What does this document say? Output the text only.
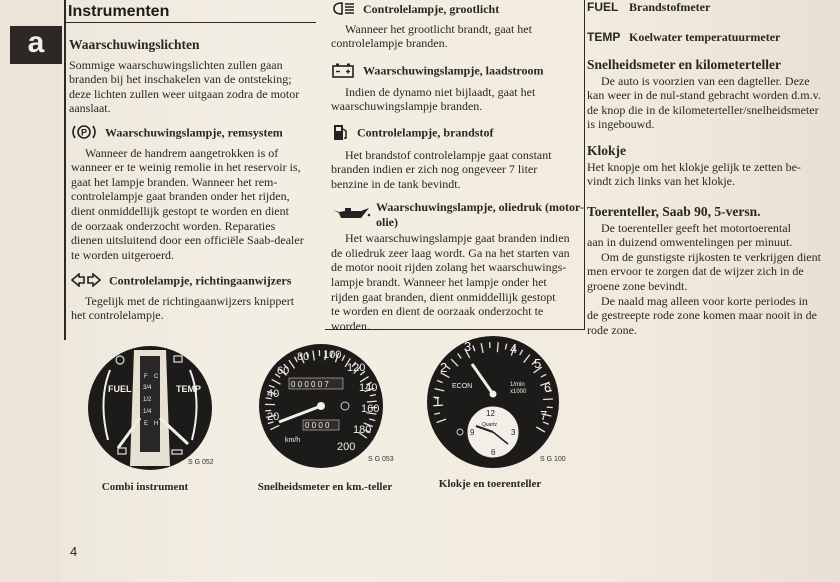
a
Instrumenten

Waarschuwingslichten

Sommige waarschuwingslichten zullen gaan

branden bij het inschakelen van de ontsteking;

deze lichten zullen weer uitgaan zodra de motor

aanslaat.

P Waarschuwingslampje, remsystem

Wanneer de handrem aangetrokken is of

wanneer er te weinig remolie in het reservoir is,

gaat het lampje branden. Wanneer het rem-

controlelampje gaat branden onder het rijden,

dient onmiddellijk gestopt te worden en dient

de oorzaak onderzocht worden. Reparaties

dienen uitsluitend door een officiële Saab-dealer

te worden uitgeroerd.

Controlelampje, richtingaanwijzers

Tegelijk met de richtingaanwijzers knippert

het controlelampje.

Controlelampje, grootlicht

Wanneer het grootlicht brandt, gaat het

controlelampje branden.

Waarschuwingslampje, laadstroom

Indien de dynamo niet bijlaadt, gaat het

waarschuwingslampje branden.

Controlelampje, brandstof

Het brandstof controlelampje gaat constant

branden indien er zich nog ongeveer 7 liter

benzine in de tank bevindt.

Waarschuwingslampje, oliedruk (motor-

olie)

Het waarschuwingslampje gaat branden indien

de oliedruk zeer laag wordt. Ga na het starten van

de motor nooit rijden zolang het waarschuwings-

lampje brandt. Wanneer het lampje onder het

rijden gaat branden, dient onmiddellijk gestopt

te worden en dient de oorzaak onderzocht te

worden.

FUEL Brandstofmeter

TEMP Koelwater temperatuurmeter

Snelheidsmeter en kilometerteller

De auto is voorzien van een dagteller. Deze

kan weer in de nul-stand gebracht worden d.m.v.

de knop die in de kilometerteller/snelheidsmeter

is ingebouwd.

Klokje

Het knopje om het klokje gelijk te zetten be-

vindt zich links van het klokje.

Toerenteller, Saab 90, 5-versn.

De toerenteller geeft het motortoerental

aan in duizend omwentelingen per minuut.

Om de gunstigste rijkosten te verkrijgen dient

men ervoor te zorgen dat de wijzer zich in de

groene zone bevindt.

De naald mag alleen voor korte periodes in

de gestreepte rode zone komen maar nooit in de

rode zone.

FUEL	TEMP
F
3/4
1/2
1/4
E
C
H
S G 052
Combi instrument
20
40
60
80 100
120
140
160
180
200
km/h
0 0 0 0 0 7
0 0 0 0
S G 053
Snelheidsmeter en km.-teller
1
2
3	4
5
6
7
ECON	1/min
x1000
12
3
6
9
Quartz
S G 100
Klokje en toerenteller
4
